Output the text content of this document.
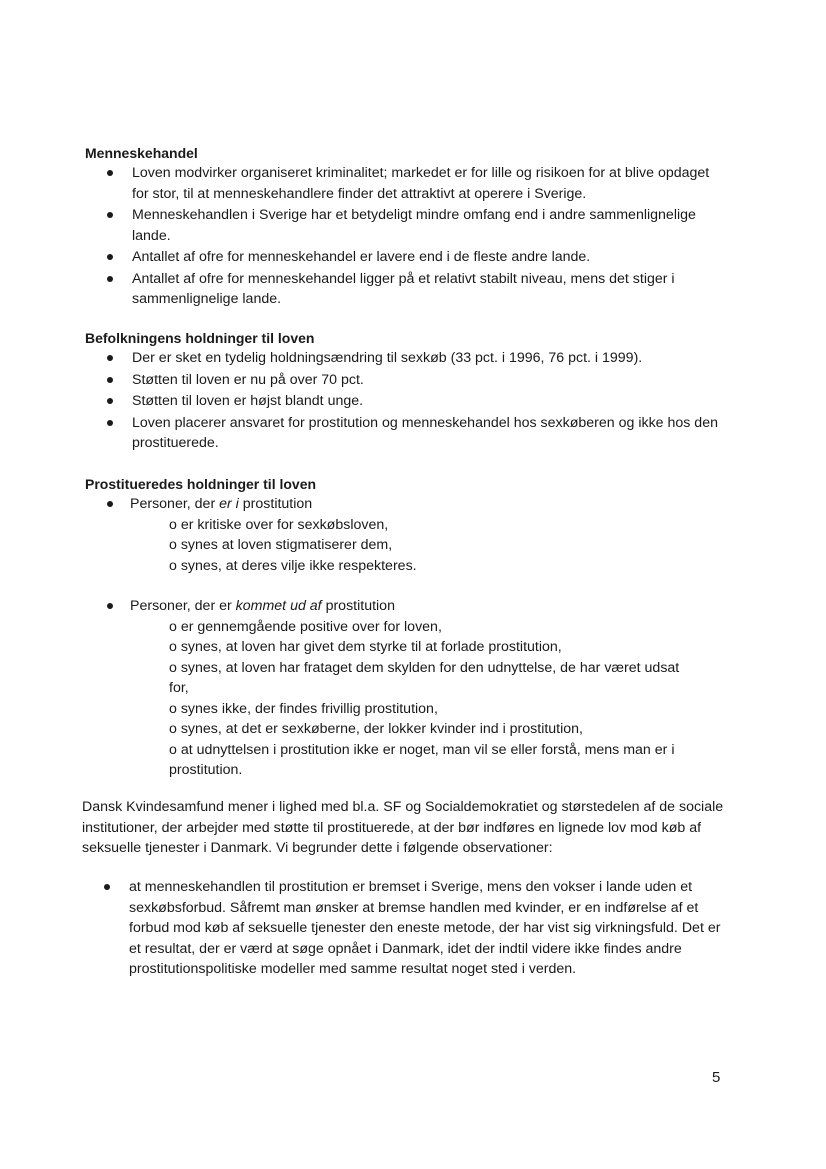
Menneskehandel
Loven modvirker organiseret kriminalitet; markedet er for lille og risikoen for at blive opdaget for stor, til at menneskehandlere finder det attraktivt at operere i Sverige.
Menneskehandlen i Sverige har et betydeligt mindre omfang end i andre sammenlignelige lande.
Antallet af ofre for menneskehandel er lavere end i de fleste andre lande.
Antallet af ofre for menneskehandel ligger på et relativt stabilt niveau, mens det stiger i sammenlignelige lande.
Befolkningens holdninger til loven
Der er sket en tydelig holdningsændring til sexkøb (33 pct. i 1996, 76 pct. i 1999).
Støtten til loven er nu på over 70 pct.
Støtten til loven er højst blandt unge.
Loven placerer ansvaret for prostitution og menneskehandel hos sexkøberen og ikke hos den prostituerede.
Prostitueredes holdninger til loven
Personer, der er i prostitution
o er kritiske over for sexkøbsloven,
o synes at loven stigmatiserer dem,
o synes, at deres vilje ikke respekteres.
Personer, der er kommet ud af prostitution
o er gennemgående positive over for loven,
o synes, at loven har givet dem styrke til at forlade prostitution,
o synes, at loven har frataget dem skylden for den udnyttelse, de har været udsat for,
o synes ikke, der findes frivillig prostitution,
o synes, at det er sexkøberne, der lokker kvinder ind i prostitution,
o at udnyttelsen i prostitution ikke er noget, man vil se eller forstå, mens man er i prostitution.
Dansk Kvindesamfund mener i lighed med bl.a. SF og Socialdemokratiet og størstedelen af de sociale institutioner, der arbejder med støtte til prostituerede, at der bør indføres en lignede lov mod køb af seksuelle tjenester i Danmark. Vi begrunder dette i følgende observationer:
at menneskehandlen til prostitution er bremset i Sverige, mens den vokser i lande uden et sexkøbsforbud. Såfremt man ønsker at bremse handlen med kvinder, er en indførelse af et forbud mod køb af seksuelle tjenester den eneste metode, der har vist sig virkningsfuld. Det er et resultat, der er værd at søge opnået i Danmark, idet der indtil videre ikke findes andre prostitutionspolitiske modeller med samme resultat noget sted i verden.
5
